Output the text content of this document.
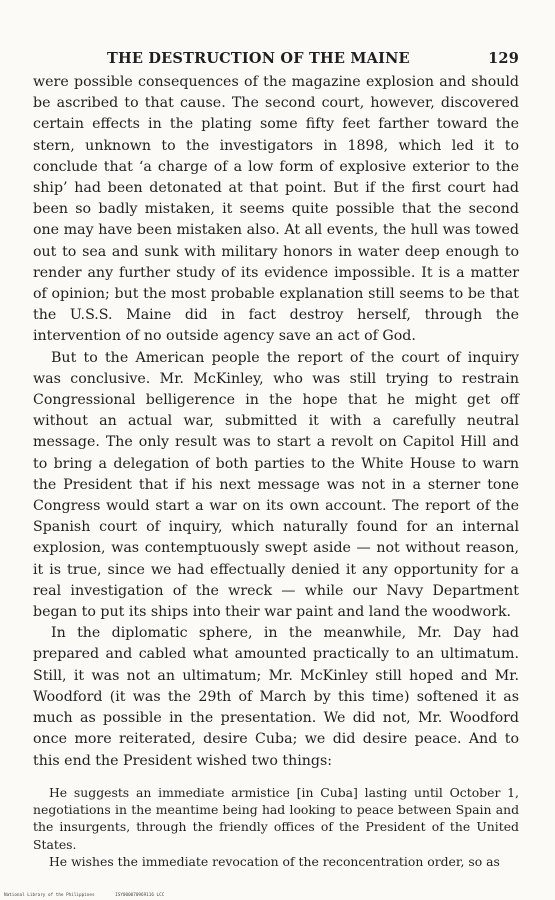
THE DESTRUCTION OF THE MAINE	129

were possible consequences of the magazine explosion and should be ascribed to that cause. The second court, however, discovered certain effects in the plating some fifty feet farther toward the stern, unknown to the investigators in 1898, which led it to conclude that ‘a charge of a low form of explosive exterior to the ship’ had been detonated at that point. But if the first court had been so badly mistaken, it seems quite possible that the second one may have been mistaken also. At all events, the hull was towed out to sea and sunk with military honors in water deep enough to render any further study of its evidence impossible. It is a matter of opinion; but the most probable explanation still seems to be that the U.S.S. Maine did in fact destroy herself, through the intervention of no outside agency save an act of God.

But to the American people the report of the court of inquiry was conclusive. Mr. McKinley, who was still trying to restrain Congressional belligerence in the hope that he might get off without an actual war, submitted it with a carefully neutral message. The only result was to start a revolt on Capitol Hill and to bring a delegation of both parties to the White House to warn the President that if his next message was not in a sterner tone Congress would start a war on its own account. The report of the Spanish court of inquiry, which naturally found for an internal explosion, was contemptuously swept aside — not without reason, it is true, since we had effectually denied it any opportunity for a real investigation of the wreck — while our Navy Department began to put its ships into their war paint and land the woodwork.

In the diplomatic sphere, in the meanwhile, Mr. Day had prepared and cabled what amounted practically to an ultimatum. Still, it was not an ultimatum; Mr. McKinley still hoped and Mr. Woodford (it was the 29th of March by this time) softened it as much as possible in the presentation. We did not, Mr. Woodford once more reiterated, desire Cuba; we did desire peace. And to this end the President wished two things:

He suggests an immediate armistice [in Cuba] lasting until October 1, negotiations in the meantime being had looking to peace between Spain and the insurgents, through the friendly offices of the President of the United States.

He wishes the immediate revocation of the reconcentration order, so as

National Library of the Philippines	ISY000070969116 LCC
